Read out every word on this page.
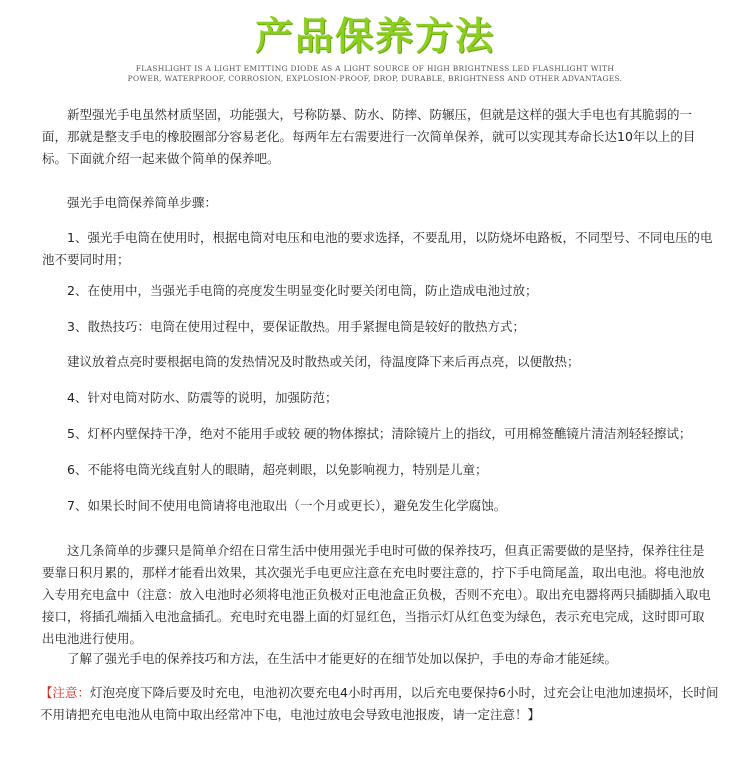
产品保养方法
FLASHLIGHT IS A LIGHT EMITTING DIODE AS A LIGHT SOURCE OF HIGH BRIGHTNESS LED FLASHLIGHT WITH POWER, WATERPROOF, CORROSION, EXPLOSION-PROOF, DROP, DURABLE, BRIGHTNESS AND OTHER ADVANTAGES.
新型强光手电虽然材质坚固，功能强大，号称防暴、防水、防摔、防辗压，但就是这样的强大手电也有其脆弱的一面，那就是整支手电的橡胶圈部分容易老化。每两年左右需要进行一次简单保养，就可以实现其寿命长达10年以上的目标。下面就介绍一起来做个简单的保养吧。
强光手电筒保养简单步骤：
1、强光手电筒在使用时，根据电筒对电压和电池的要求选择，不要乱用，以防烧坏电路板，不同型号、不同电压的电池不要同时用；
2、在使用中，当强光手电筒的亮度发生明显变化时要关闭电筒，防止造成电池过放；
3、散热技巧：电筒在使用过程中，要保证散热。用手紧握电筒是较好的散热方式；
建议放着点亮时要根据电筒的发热情况及时散热或关闭，待温度降下来后再点亮，以便散热；
4、针对电筒对防水、防震等的说明，加强防范；
5、灯杯内壁保持干净，绝对不能用手或较 硬的物体擦拭；清除镜片上的指纹，可用棉签醮镜片清洁剂轻轻擦试；
6、不能将电筒光线直射人的眼睛，超亮刺眼，以免影响视力，特别是儿童；
7、如果长时间不使用电筒请将电池取出（一个月或更长），避免发生化学腐蚀。
这几条简单的步骤只是简单介绍在日常生活中使用强光手电时可做的保养技巧，但真正需要做的是坚持，保养往往是要靠日积月累的，那样才能看出效果，其次强光手电更应注意在充电时要注意的，拧下手电筒尾盖，取出电池。将电池放入专用充电盒中（注意：放入电池时必须将电池正负极对正电池盒正负极，否则不充电）。取出充电器将两只插脚插入取电接口，将插孔端插入电池盒插孔。充电时充电器上面的灯显红色，当指示灯从红色变为绿色，表示充电完成，这时即可取出电池进行使用。
了解了强光手电的保养技巧和方法，在生活中才能更好的在细节处加以保护，手电的寿命才能延续。
【注意：灯泡亮度下降后要及时充电，电池初次要充电4小时再用，以后充电要保持6小时，过充会让电池加速损坏，长时间不用请把充电电池从电筒中取出经常冲下电，电池过放电会导致电池报废，请一定注意！】
